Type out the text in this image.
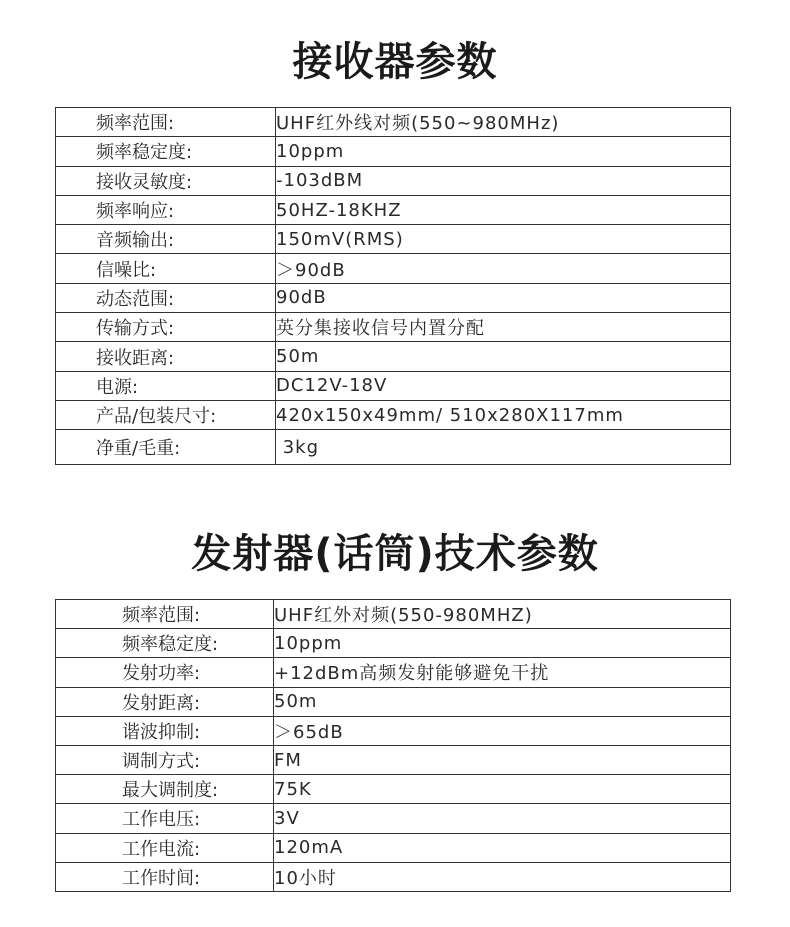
接收器参数
频率范围:	UHF红外线对频(550~980MHz)
频率稳定度:	10ppm
接收灵敏度:	-103dBM
频率响应:	50HZ-18KHZ
音频输出:	150mV(RMS)
信噪比:	＞90dB
动态范围:	90dB
传输方式:	英分集接收信号内置分配
接收距离:	50m
电源:	DC12V-18V
产品/包装尺寸:	420x150x49mm/ 510x280X117mm
净重/毛重:	3kg
发射器(话筒)技术参数
频率范围:	UHF红外对频(550-980MHZ)
频率稳定度:	10ppm
发射功率:	+12dBm高频发射能够避免干扰
发射距离:	50m
谐波抑制:	＞65dB
调制方式:	FM
最大调制度:	75K
工作电压:	3V
工作电流:	120mA
工作时间:	10小时
